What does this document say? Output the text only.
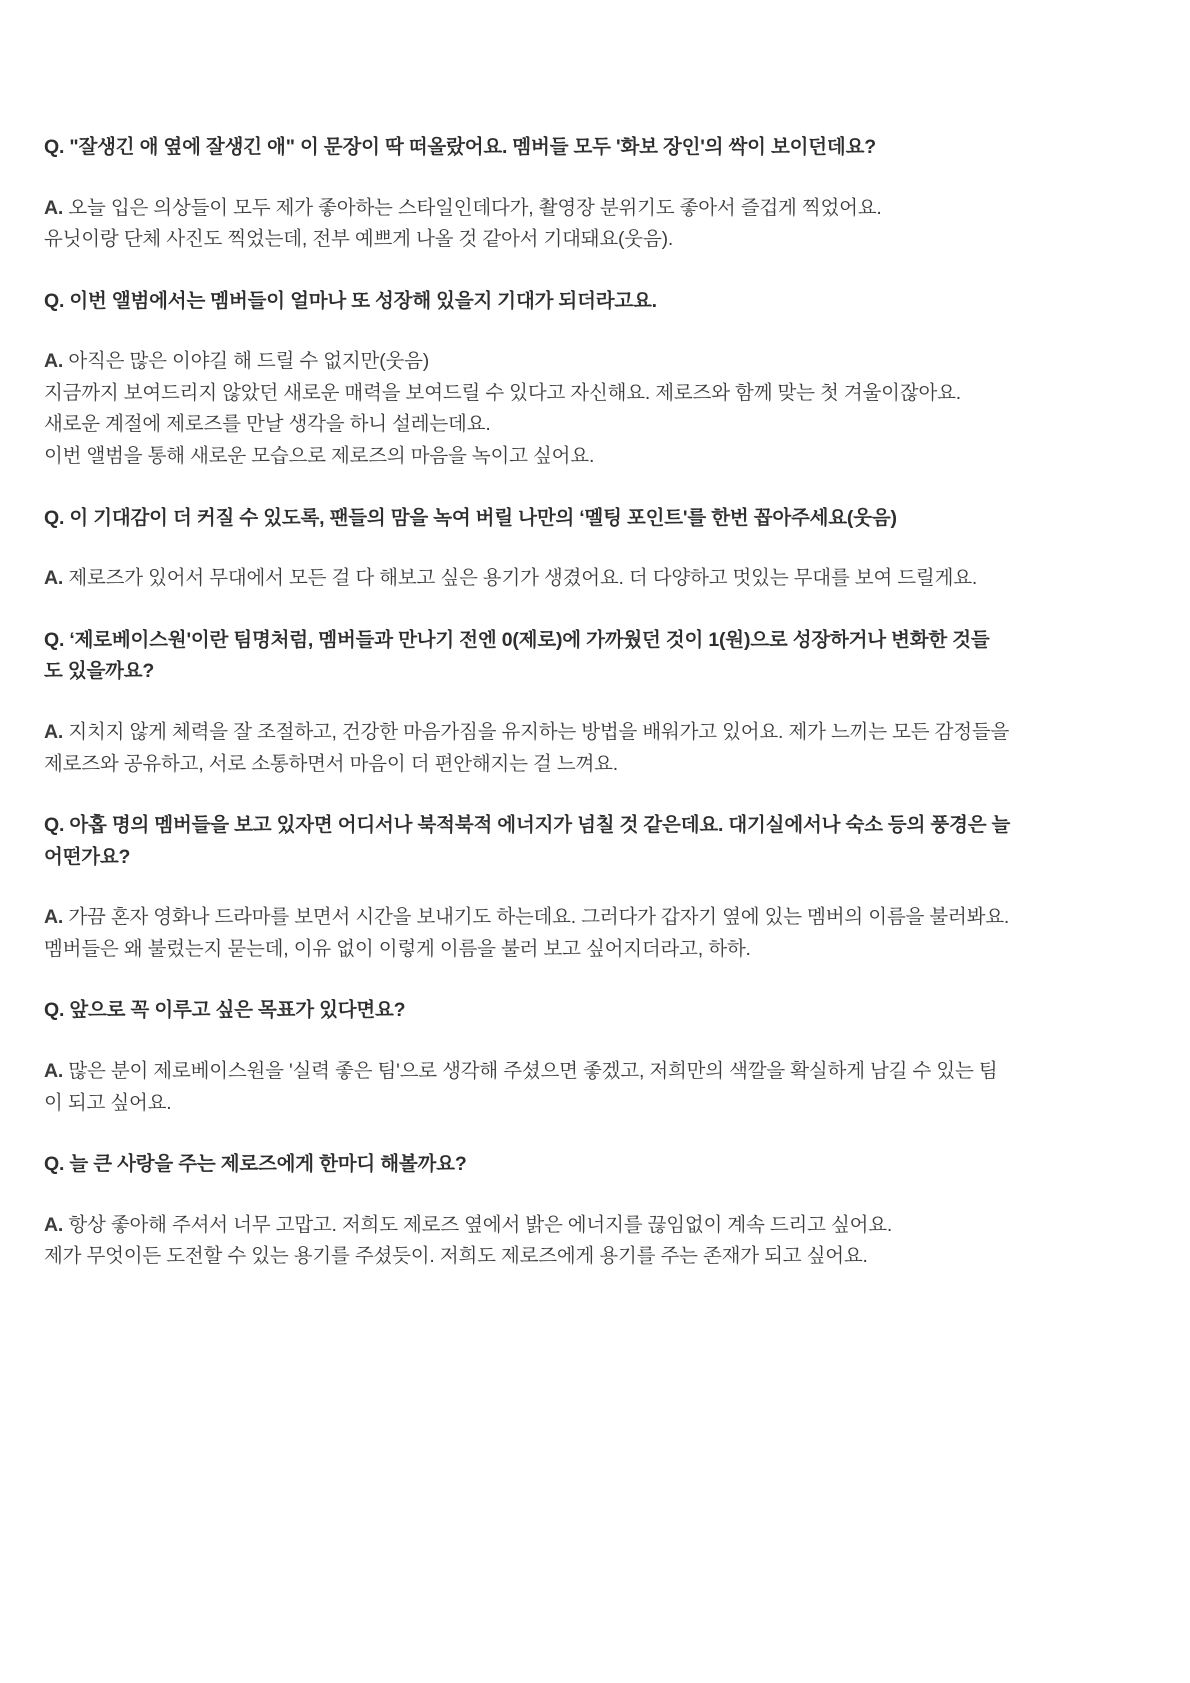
Q. "잘생긴 애 옆에 잘생긴 애" 이 문장이 딱 떠올랐어요. 멤버들 모두 '화보 장인'의 싹이 보이던데요?

A. 오늘 입은 의상들이 모두 제가 좋아하는 스타일인데다가, 촬영장 분위기도 좋아서 즐겁게 찍었어요.
유닛이랑 단체 사진도 찍었는데, 전부 예쁘게 나올 것 같아서 기대돼요(웃음).

Q. 이번 앨범에서는 멤버들이 얼마나 또 성장해 있을지 기대가 되더라고요.

A. 아직은 많은 이야길 해 드릴 수 없지만(웃음)
지금까지 보여드리지 않았던 새로운 매력을 보여드릴 수 있다고 자신해요. 제로즈와 함께 맞는 첫 겨울이잖아요.
새로운 계절에 제로즈를 만날 생각을 하니 설레는데요.
이번 앨범을 통해 새로운 모습으로 제로즈의 마음을 녹이고 싶어요.

Q. 이 기대감이 더 커질 수 있도록, 팬들의 맘을 녹여 버릴 나만의 ‘멜팅 포인트'를 한번 꼽아주세요(웃음)

A. 제로즈가 있어서 무대에서 모든 걸 다 해보고 싶은 용기가 생겼어요. 더 다양하고 멋있는 무대를 보여 드릴게요.

Q. ‘제로베이스원'이란 팀명처럼, 멤버들과 만나기 전엔 0(제로)에 가까웠던 것이 1(원)으로 성장하거나 변화한 것들
도 있을까요?

A. 지치지 않게 체력을 잘 조절하고, 건강한 마음가짐을 유지하는 방법을 배워가고 있어요. 제가 느끼는 모든 감정들을
제로즈와 공유하고, 서로 소통하면서 마음이 더 편안해지는 걸 느껴요.

Q. 아홉 명의 멤버들을 보고 있자면 어디서나 북적북적 에너지가 넘칠 것 같은데요. 대기실에서나 숙소 등의 풍경은 늘
어떤가요?

A. 가끔 혼자 영화나 드라마를 보면서 시간을 보내기도 하는데요. 그러다가 갑자기 옆에 있는 멤버의 이름을 불러봐요.
멤버들은 왜 불렀는지 묻는데, 이유 없이 이렇게 이름을 불러 보고 싶어지더라고, 하하.

Q. 앞으로 꼭 이루고 싶은 목표가 있다면요?

A. 많은 분이 제로베이스원을 '실력 좋은 팀'으로 생각해 주셨으면 좋겠고, 저희만의 색깔을 확실하게 남길 수 있는 팀
이 되고 싶어요.

Q. 늘 큰 사랑을 주는 제로즈에게 한마디 해볼까요?

A. 항상 좋아해 주셔서 너무 고맙고. 저희도 제로즈 옆에서 밝은 에너지를 끊임없이 계속 드리고 싶어요.
제가 무엇이든 도전할 수 있는 용기를 주셨듯이. 저희도 제로즈에게 용기를 주는 존재가 되고 싶어요.
